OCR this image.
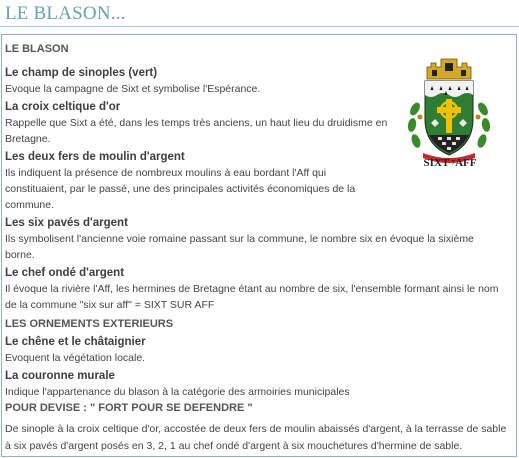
LE BLASON...
LE BLASON
Le champ de sinoples (vert)
Evoque la campagne de Sixt et symbolise l'Espérance.
La croix celtique d'or
Rappelle que Sixt a été, dans les temps très anciens, un haut lieu du druidisme en Bretagne.
Les deux fers de moulin d'argent
Ils indiquent la présence de nombreux moulins à eau bordant l'Aff qui constituaient, par le passé, une des principales activités économiques de la commune.
Les six pavés d'argent
Ils symbolisent l'ancienne voie romaine passant sur la commune, le nombre six en évoque la sixième borne.
Le chef ondé d'argent
Il évoque la rivière l'Aff, les hermines de Bretagne étant au nombre de six, l'ensemble formant ainsi le nom de la commune "six sur aff" = SIXT SUR AFF
LES ORNEMENTS EXTERIEURS
Le chêne et le châtaignier
Evoquent la végétation locale.
La couronne murale
Indique l'appartenance du blason à la catégorie des armoiries municipales
POUR DEVISE : " FORT POUR SE DEFENDRE "
De sinople à la croix celtique d'or, accostée de deux fers de moulin abaissés d'argent, à la terrasse de sable à six pavés d'argent posés en 3, 2, 1 au chef ondé d'argent à six mouchetures d'hermine de sable.
SIXT ʸAFF
